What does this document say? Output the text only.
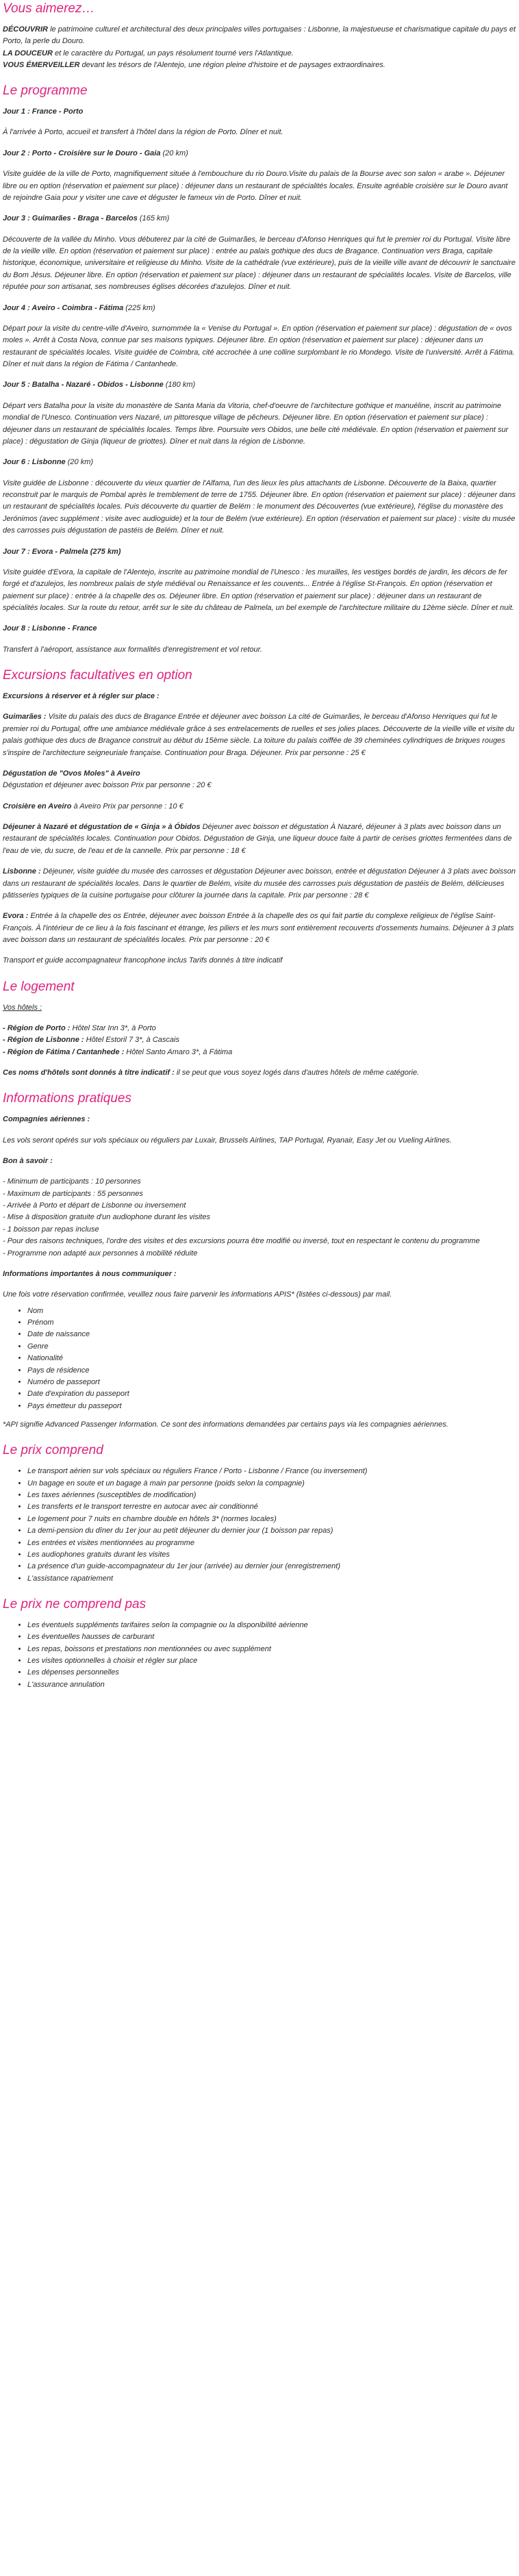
Vous aimerez…

DÉCOUVRIR le patrimoine culturel et architectural des deux principales villes portugaises : Lisbonne, la majestueuse et charismatique capitale du pays et Porto, la perle du Douro.

LA DOUCEUR et le caractère du Portugal, un pays résolument tourné vers l'Atlantique.

VOUS ÉMERVEILLER devant les trésors de l'Alentejo, une région pleine d'histoire et de paysages extraordinaires.

Le programme

Jour 1 : France - Porto

À l'arrivée à Porto, accueil et transfert à l'hôtel dans la région de Porto. Dîner et nuit.

Jour 2 : Porto - Croisière sur le Douro - Gaia (20 km)

Visite guidée de la ville de Porto, magnifiquement située à l'embouchure du rio Douro.Visite du palais de la Bourse avec son salon « arabe ». Déjeuner libre ou en option (réservation et paiement sur place) : déjeuner dans un restaurant de spécialités locales. Ensuite agréable croisière sur le Douro avant de rejoindre Gaia pour y visiter une cave et déguster le fameux vin de Porto. Dîner et nuit.

Jour 3 : Guimarães - Braga - Barcelos (165 km)

Découverte de la vallée du Minho. Vous débuterez par la cité de Guimarães, le berceau d'Afonso Henriques qui fut le premier roi du Portugal. Visite libre de la vieille ville. En option (réservation et paiement sur place) : entrée au palais gothique des ducs de Bragance. Continuation vers Braga, capitale historique, économique, universitaire et religieuse du Minho. Visite de la cathédrale (vue extérieure), puis de la vieille ville avant de découvrir le sanctuaire du Bom Jésus. Déjeuner libre. En option (réservation et paiement sur place) : déjeuner dans un restaurant de spécialités locales. Visite de Barcelos, ville réputée pour son artisanat, ses nombreuses églises décorées d'azulejos. Dîner et nuit.

Jour 4 : Aveiro - Coimbra - Fátima (225 km)

Départ pour la visite du centre-ville d'Aveiro, surnommée la « Venise du Portugal ». En option (réservation et paiement sur place) : dégustation de « ovos moles ». Arrêt à Costa Nova, connue par ses maisons typiques. Déjeuner libre. En option (réservation et paiement sur place) : déjeuner dans un restaurant de spécialités locales. Visite guidée de Coimbra, cité accrochée à une colline surplombant le rio Mondego. Visite de l'université. Arrêt à Fátima. Dîner et nuit dans la région de Fátima / Cantanhede.

Jour 5 : Batalha - Nazaré - Obidos - Lisbonne (180 km)

Départ vers Batalha pour la visite du monastère de Santa Maria da Vitoria, chef-d'oeuvre de l'architecture gothique et manuéline, inscrit au patrimoine mondial de l'Unesco. Continuation vers Nazaré, un pittoresque village de pêcheurs. Déjeuner libre. En option (réservation et paiement sur place) : déjeuner dans un restaurant de spécialités locales. Temps libre. Poursuite vers Obidos, une belle cité médiévale. En option (réservation et paiement sur place) : dégustation de Ginja (liqueur de griottes). Dîner et nuit dans la région de Lisbonne.

Jour 6 : Lisbonne (20 km)

Visite guidée de Lisbonne : découverte du vieux quartier de l'Alfama, l'un des lieux les plus attachants de Lisbonne. Découverte de la Baixa, quartier reconstruit par le marquis de Pombal après le tremblement de terre de 1755. Déjeuner libre. En option (réservation et paiement sur place) : déjeuner dans un restaurant de spécialités locales. Puis découverte du quartier de Belém : le monument des Découvertes (vue extérieure), l'église du monastère des Jerónimos (avec supplément : visite avec audioguide) et la tour de Belém (vue extérieure). En option (réservation et paiement sur place) : visite du musée des carrosses puis dégustation de pastéis de Belém. Dîner et nuit.

Jour 7 : Evora - Palmela (275 km)

Visite guidée d'Evora, la capitale de l'Alentejo, inscrite au patrimoine mondial de l'Unesco : les murailles, les vestiges bordés de jardin, les décors de fer forgé et d'azulejos, les nombreux palais de style médiéval ou Renaissance et les couvents... Entrée à l'église St-François. En option (réservation et paiement sur place) : entrée à la chapelle des os. Déjeuner libre. En option (réservation et paiement sur place) : déjeuner dans un restaurant de spécialités locales. Sur la route du retour, arrêt sur le site du château de Palmela, un bel exemple de l'architecture militaire du 12ème siècle. Dîner et nuit.

Jour 8 : Lisbonne - France

Transfert à l'aéroport, assistance aux formalités d'enregistrement et vol retour.

Excursions facultatives en option

Excursions à réserver et à régler sur place :

Guimarães : Visite du palais des ducs de Bragance Entrée et déjeuner avec boisson La cité de Guimarães, le berceau d'Afonso Henriques qui fut le premier roi du Portugal, offre une ambiance médiévale grâce à ses entrelacements de ruelles et ses jolies places. Découverte de la vieille ville et visite du palais gothique des ducs de Bragance construit au début du 15ème siècle. La toiture du palais coiffée de 39 cheminées cylindriques de briques rouges s'inspire de l'architecture seigneuriale française. Continuation pour Braga. Déjeuner. Prix par personne : 25 €

Dégustation de "Ovos Moles" à Aveiro
Dégustation et déjeuner avec boisson Prix par personne : 20 €

Croisière en Aveiro à Aveiro Prix par personne : 10 €

Déjeuner à Nazaré et dégustation de « Ginja » à Óbidos Déjeuner avec boisson et dégustation À Nazaré, déjeuner à 3 plats avec boisson dans un restaurant de spécialités locales. Continuation pour Obidos. Dégustation de Ginja, une liqueur douce faite à partir de cerises griottes fermentées dans de l'eau de vie, du sucre, de l'eau et de la cannelle. Prix par personne : 18 €

Lisbonne : Déjeuner, visite guidée du musée des carrosses et dégustation Déjeuner avec boisson, entrée et dégustation Déjeuner à 3 plats avec boisson dans un restaurant de spécialités locales. Dans le quartier de Belém, visite du musée des carrosses puis dégustation de pastéis de Belém, délicieuses pâtisseries typiques de la cuisine portugaise pour clôturer la journée dans la capitale. Prix par personne : 28 €

Evora : Entrée à la chapelle des os Entrée, déjeuner avec boisson Entrée à la chapelle des os qui fait partie du complexe religieux de l'église Saint-François. À l'intérieur de ce lieu à la fois fascinant et étrange, les piliers et les murs sont entièrement recouverts d'ossements humains. Déjeuner à 3 plats avec boisson dans un restaurant de spécialités locales. Prix par personne : 20 €

Transport et guide accompagnateur francophone inclus Tarifs donnés à titre indicatif

Le logement

Vos hôtels :

- Région de Porto : Hôtel Star Inn 3*, à Porto

- Région de Lisbonne : Hôtel Estoril 7 3*, à Cascais

- Région de Fátima / Cantanhede : Hôtel Santo Amaro 3*, à Fátima

Ces noms d'hôtels sont donnés à titre indicatif : il se peut que vous soyez logés dans d'autres hôtels de même catégorie.

Informations pratiques

Compagnies aériennes :

Les vols seront opérés sur vols spéciaux ou réguliers par Luxair, Brussels Airlines, TAP Portugal, Ryanair, Easy Jet ou Vueling Airlines.

Bon à savoir :

- Minimum de participants : 10 personnes

- Maximum de participants : 55 personnes

- Arrivée à Porto et départ de Lisbonne ou inversement

- Mise à disposition gratuite d'un audiophone durant les visites

- 1 boisson par repas incluse

- Pour des raisons techniques, l'ordre des visites et des excursions pourra être modifié ou inversé, tout en respectant le contenu du programme

- Programme non adapté aux personnes à mobilité réduite

Informations importantes à nous communiquer :

Une fois votre réservation confirmée, veuillez nous faire parvenir les informations APIS* (listées ci-dessous) par mail.

• Nom
• Prénom
• Date de naissance
• Genre
• Nationalité
• Pays de résidence
• Numéro de passeport
• Date d'expiration du passeport
• Pays émetteur du passeport

*API signifie Advanced Passenger Information. Ce sont des informations demandées par certains pays via les compagnies aériennes.

Le prix comprend
• Le transport aérien sur vols spéciaux ou réguliers France / Porto - Lisbonne / France (ou inversement)
• Un bagage en soute et un bagage à main par personne (poids selon la compagnie)
• Les taxes aériennes (susceptibles de modification)
• Les transferts et le transport terrestre en autocar avec air conditionné
• Le logement pour 7 nuits en chambre double en hôtels 3* (normes locales)
• La demi-pension du dîner du 1er jour au petit déjeuner du dernier jour (1 boisson par repas)
• Les entrées et visites mentionnées au programme
• Les audiophones gratuits durant les visites
• La présence d'un guide-accompagnateur du 1er jour (arrivée) au dernier jour (enregistrement)
• L'assistance rapatriement
Le prix ne comprend pas
• Les éventuels suppléments tarifaires selon la compagnie ou la disponibilité aérienne
• Les éventuelles hausses de carburant
• Les repas, boissons et prestations non mentionnées ou avec supplément
• Les visites optionnelles à choisir et régler sur place
• Les dépenses personnelles
• L'assurance annulation
